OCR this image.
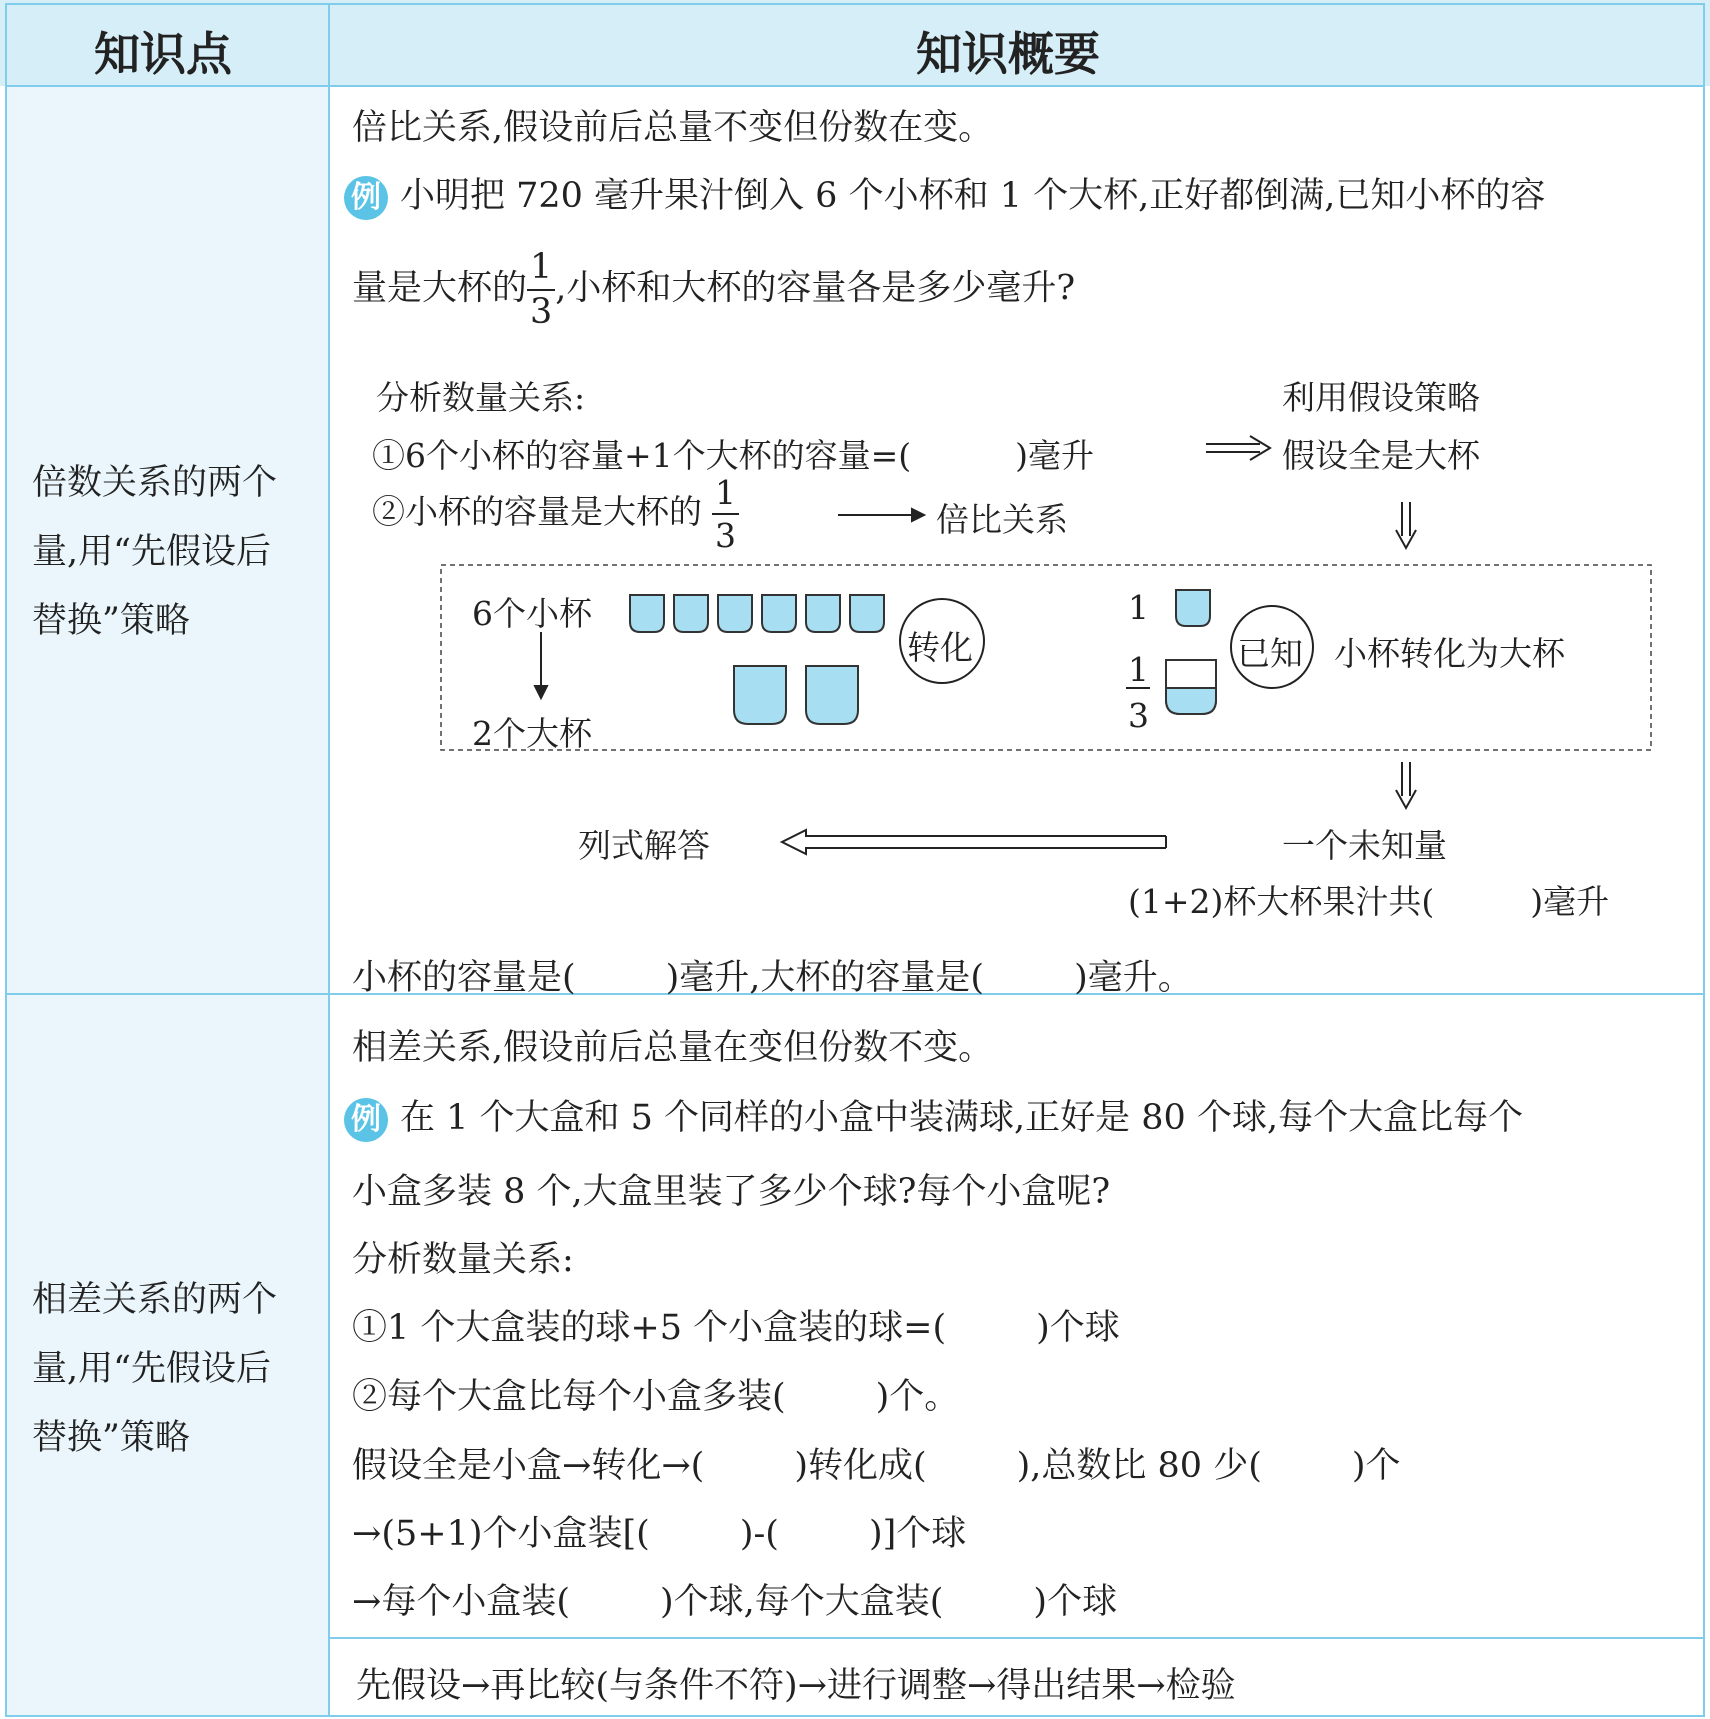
知识点	知识概要
倍数关系的两个
量,用“先假设后
替换”策略
倍比关系,假设前后总量不变但份数在变。
例 小明把 720 毫升果汁倒入 6 个小杯和 1 个大杯,正好都倒满,已知小杯的容
量是大杯的 $\frac{1}{3}$ ,小杯和大杯的容量各是多少毫升?
分析数量关系:	利用假设策略
①6个小杯的容量+1个大杯的容量=(	)毫升	假设全是大杯
②小杯的容量是大杯的 $\frac{1}{3}$	倍比关系
6个小杯
2个大杯
转化
1
1
3
已知 小杯转化为大杯
列式解答	一个未知量
(1+2)杯大杯果汁共(	)毫升
小杯的容量是(	)毫升,大杯的容量是(	)毫升。
相差关系的两个
量,用“先假设后
替换”策略
相差关系,假设前后总量在变但份数不变。
例 在 1 个大盒和 5 个同样的小盒中装满球,正好是 80 个球,每个大盒比每个
小盒多装 8 个,大盒里装了多少个球?每个小盒呢?
分析数量关系:
①1 个大盒装的球+5 个小盒装的球=(	)个球
②每个大盒比每个小盒多装(	)个。
假设全是小盒→转化→(	)转化成(	),总数比 80 少(	)个
→(5+1)个小盒装[(	)-(	)]个球
→每个小盒装(	)个球,每个大盒装(	)个球
先假设→再比较(与条件不符)→进行调整→得出结果→检验
